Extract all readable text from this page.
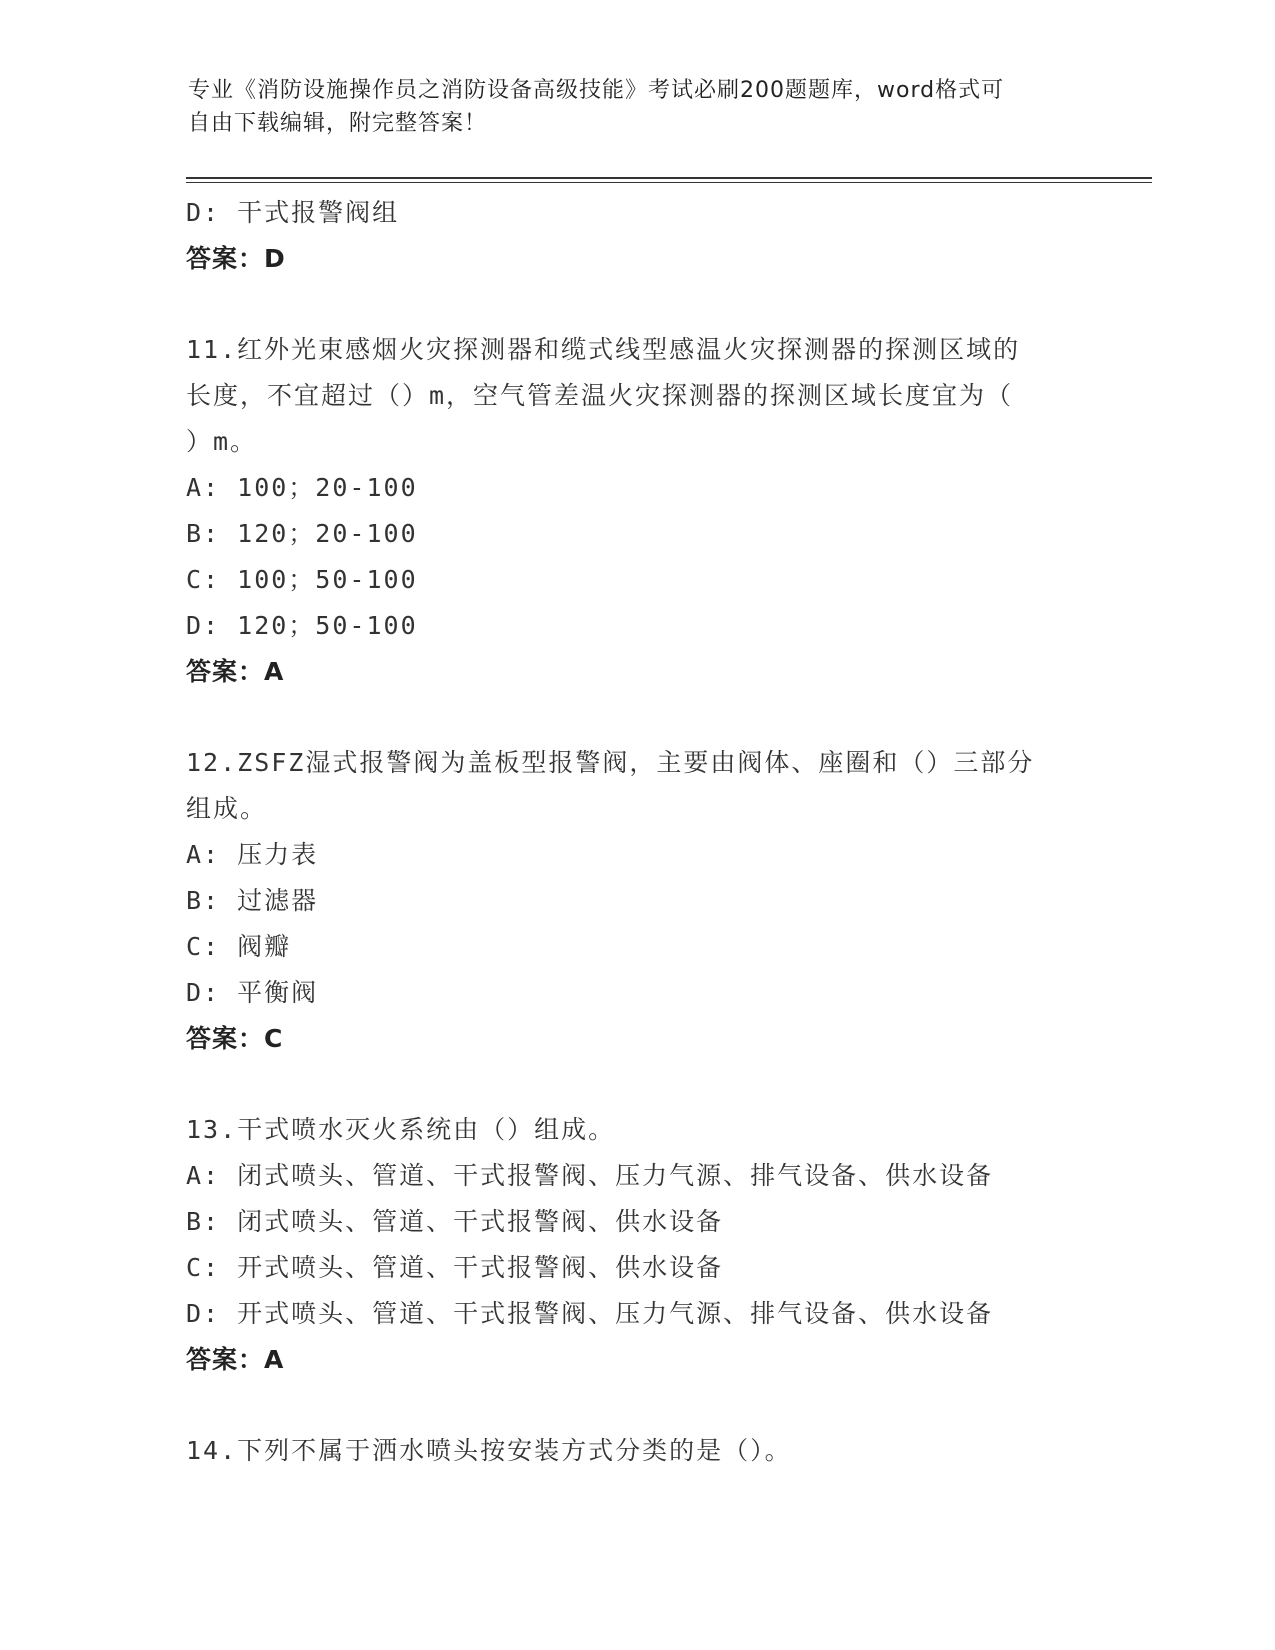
专业《消防设施操作员之消防设备高级技能》考试必刷200题题库，word格式可
自由下载编辑，附完整答案！
D: 干式报警阀组
答案：D
11.红外光束感烟火灾探测器和缆式线型感温火灾探测器的探测区域的
长度，不宜超过（）m，空气管差温火灾探测器的探测区域长度宜为（
）m。
A: 100；20-100
B: 120；20-100
C: 100；50-100
D: 120；50-100
答案：A
12.ZSFZ湿式报警阀为盖板型报警阀，主要由阀体、座圈和（）三部分
组成。
A: 压力表
B: 过滤器
C: 阀瓣
D: 平衡阀
答案：C
13.干式喷水灭火系统由（）组成。
A: 闭式喷头、管道、干式报警阀、压力气源、排气设备、供水设备
B: 闭式喷头、管道、干式报警阀、供水设备
C: 开式喷头、管道、干式报警阀、供水设备
D: 开式喷头、管道、干式报警阀、压力气源、排气设备、供水设备
答案：A
14.下列不属于洒水喷头按安装方式分类的是（）。
